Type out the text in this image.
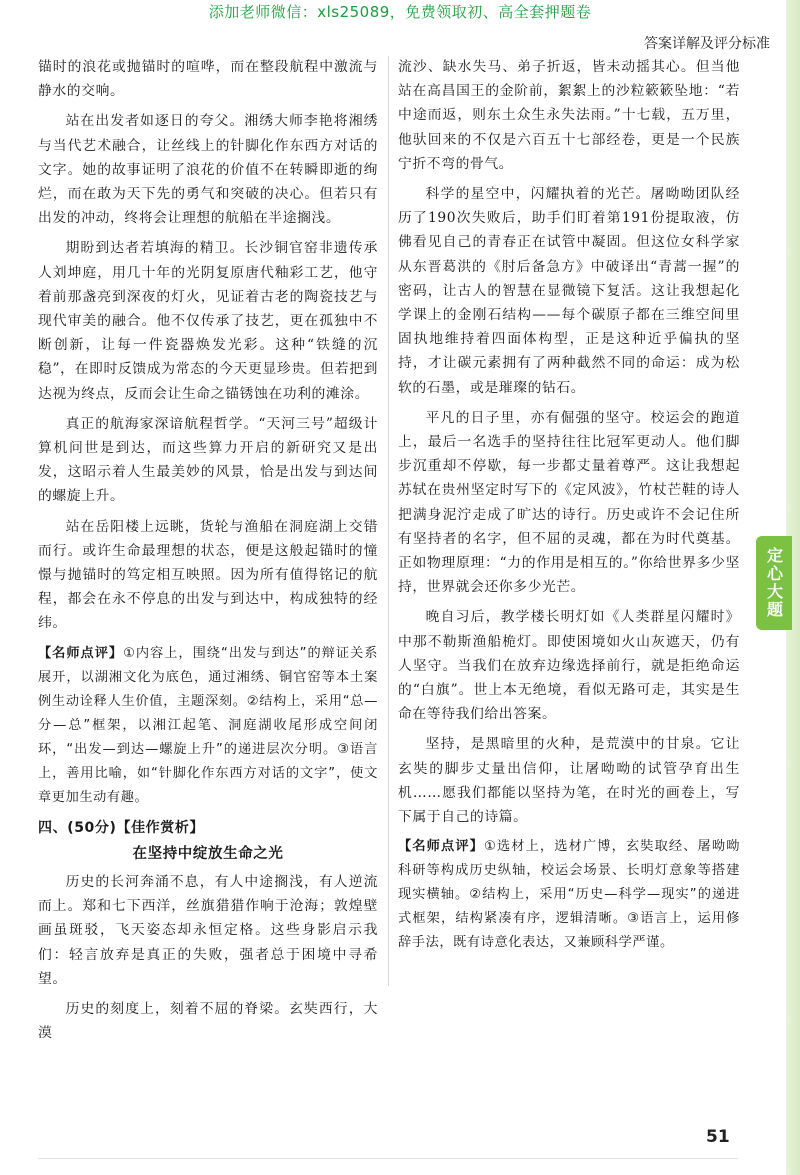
添加老师微信：xls25089，免费领取初、高全套押题卷
答案详解及评分标准

锚时的浪花或抛锚时的喧哗，而在整段航程中激流与静水的交响。

站在出发者如逐日的夸父。湘绣大师李艳将湘绣与当代艺术融合，让丝线上的针脚化作东西方对话的文字。她的故事证明了浪花的价值不在转瞬即逝的绚烂，而在敢为天下先的勇气和突破的决心。但若只有出发的冲动，终将会让理想的航船在半途搁浅。

期盼到达者若填海的精卫。长沙铜官窑非遗传承人刘坤庭，用几十年的光阴复原唐代釉彩工艺，他守着前那盏亮到深夜的灯火，见证着古老的陶瓷技艺与现代审美的融合。他不仅传承了技艺，更在孤独中不断创新，让每一件瓷器焕发光彩。这种“铁缝的沉稳”，在即时反馈成为常态的今天更显珍贵。但若把到达视为终点，反而会让生命之锚锈蚀在功利的滩涂。

真正的航海家深谙航程哲学。“天河三号”超级计算机问世是到达，而这些算力开启的新研究又是出发，这昭示着人生最美妙的风景，恰是出发与到达间的螺旋上升。

站在岳阳楼上远眺，货轮与渔船在洞庭湖上交错而行。或许生命最理想的状态，便是这般起锚时的憧憬与抛锚时的笃定相互映照。因为所有值得铭记的航程，都会在永不停息的出发与到达中，构成独特的经纬。

【名师点评】①内容上，围绕“出发与到达”的辩证关系展开，以湖湘文化为底色，通过湘绣、铜官窑等本土案例生动诠释人生价值，主题深刻。②结构上，采用“总—分—总”框架，以湘江起笔、洞庭湖收尾形成空间闭环，“出发—到达—螺旋上升”的递进层次分明。③语言上，善用比喻，如“针脚化作东西方对话的文字”，使文章更加生动有趣。
四、(50分)【佳作赏析】
在坚持中绽放生命之光

历史的长河奔涌不息，有人中途搁浅，有人逆流而上。郑和七下西洋，丝旗猎猎作响于沧海；敦煌壁画虽斑驳，飞天姿态却永恒定格。这些身影启示我们：轻言放弃是真正的失败，强者总于困境中寻希望。

历史的刻度上，刻着不屈的脊梁。玄奘西行，大漠

流沙、缺水失马、弟子折返，皆未动摇其心。但当他站在高昌国王的金阶前，絮絮上的沙粒簌簌坠地：“若中途而返，则东土众生永失法雨。”十七载，五万里，他驮回来的不仅是六百五十七部经卷，更是一个民族宁折不弯的骨气。

科学的星空中，闪耀执着的光芒。屠呦呦团队经历了190次失败后，助手们盯着第191份提取液，仿佛看见自己的青春正在试管中凝固。但这位女科学家从东晋葛洪的《肘后备急方》中破译出“青蒿一握”的密码，让古人的智慧在显微镜下复活。这让我想起化学课上的金刚石结构——每个碳原子都在三维空间里固执地维持着四面体构型，正是这种近乎偏执的坚持，才让碳元素拥有了两种截然不同的命运：成为松软的石墨，或是璀璨的钻石。

平凡的日子里，亦有倔强的坚守。校运会的跑道上，最后一名选手的坚持往往比冠军更动人。他们脚步沉重却不停歇，每一步都丈量着尊严。这让我想起苏轼在贵州坚定时写下的《定风波》，竹杖芒鞋的诗人把满身泥泞走成了旷达的诗行。历史或许不会记住所有坚持者的名字，但不屈的灵魂，都在为时代奠基。正如物理原理：“力的作用是相互的。”你给世界多少坚持，世界就会还你多少光芒。

晚自习后，教学楼长明灯如《人类群星闪耀时》中那不勒斯渔船桅灯。即使困境如火山灰遮天，仍有人坚守。当我们在放弃边缘选择前行，就是拒绝命运的“白旗”。世上本无绝境，看似无路可走，其实是生命在等待我们给出答案。

坚持，是黑暗里的火种，是荒漠中的甘泉。它让玄奘的脚步丈量出信仰，让屠呦呦的试管孕育出生机……愿我们都能以坚持为笔，在时光的画卷上，写下属于自己的诗篇。

【名师点评】①选材上，选材广博，玄奘取经、屠呦呦科研等构成历史纵轴，校运会场景、长明灯意象等搭建现实横轴。②结构上，采用“历史—科学—现实”的递进式框架，结构紧凑有序，逻辑清晰。③语言上，运用修辞手法，既有诗意化表达，又兼顾科学严谨。
定心大题
51
